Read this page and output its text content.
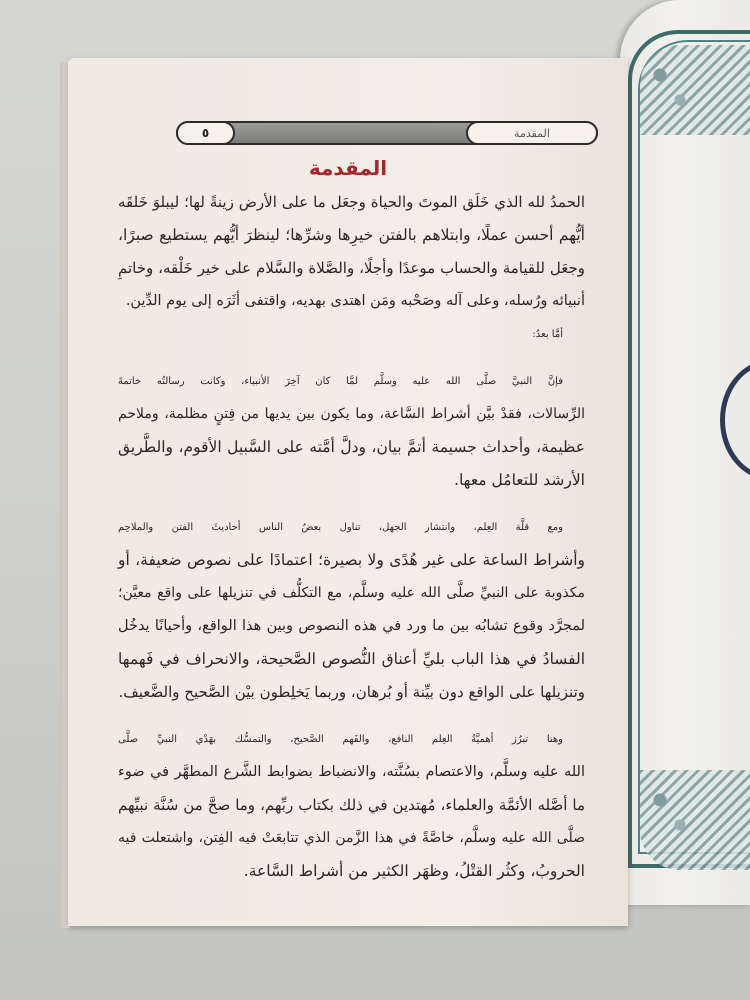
٥	المقدمة
المقدمة
الحمدُ لله الذي خَلَق الموتَ والحياة وجعَل ما على الأرض زينةً لها؛ ليبلوَ خَلقَه
أيُّهم أحسن عملًا، وابتلاهم بالفتن خيرِها وشرِّها؛ لينظرَ أيُّهم يستطيع صبرًا،
وجعَل للقيامة والحساب موعدًا وأجلًا، والصَّلاة والسَّلام على خير خَلْقه، وخاتمِ
أنبيائه ورُسله، وعلى آله وصَحْبه ومَن اهتدى بهديه، واقتفى أثَرَه إلى يوم الدِّين.
أمَّا بعدُ:
فإنَّ النبيَّ صلَّى الله عليه وسلَّم لمَّا كان آخِرَ الأنبياء، وكانت رسالتُه خاتمةَ
الرِّسالات، فقدْ بيَّن أشراط السَّاعة، وما يكون بين يديها من فِتنٍ مظلمة، وملاحم
عظيمة، وأحداث جسيمة أتمَّ بيان، ودلَّ أمَّته على السَّبيل الأقوم، والطَّريق
الأرشد للتعامُل معها.
ومع قلَّة العِلم، وانتشار الجهل، تناول بعضُ الناس أحاديثَ الفتن والملاحِم
وأشراط الساعة على غير هُدًى ولا بصيرة؛ اعتمادًا على نصوص ضعيفة، أو
مكذوبة على النبيِّ صلَّى الله عليه وسلَّم، مع التكلُّف في تنزيلها على واقع معيَّن؛
لمجرَّد وقوع تشابُه بين ما ورد في هذه النصوص وبين هذا الواقع، وأحيانًا يدخُل
الفسادُ في هذا الباب بليِّ أعناق النُّصوص الصَّحيحة، والانحراف في فَهمها
وتنزيلها على الواقع دون بيِّنة أو بُرهان، وربما يَخلِطون بيْن الصَّحيح والضَّعيف.
وهنا تبرُز أهميَّةُ العِلم النافع، والفَهم الصَّحيح، والتمسُّك بهَدْي النبيِّ صلَّى
الله عليه وسلَّم، والاعتصام بسُنَّته، والانضباط بضوابط الشَّرع المطهَّر في ضوء
ما أصَّله الأئمَّة والعلماء، مُهتدين في ذلك بكتاب ربِّهم، وما صحَّ من سُنَّة نبيِّهم
صلَّى الله عليه وسلَّم، خاصَّةً في هذا الزَّمن الذي تتابعَتْ فيه الفِتن، واشتعلت فيه
الحروبُ، وكثُر القتْلُ، وظهَر الكثير من أشراط السَّاعة.
